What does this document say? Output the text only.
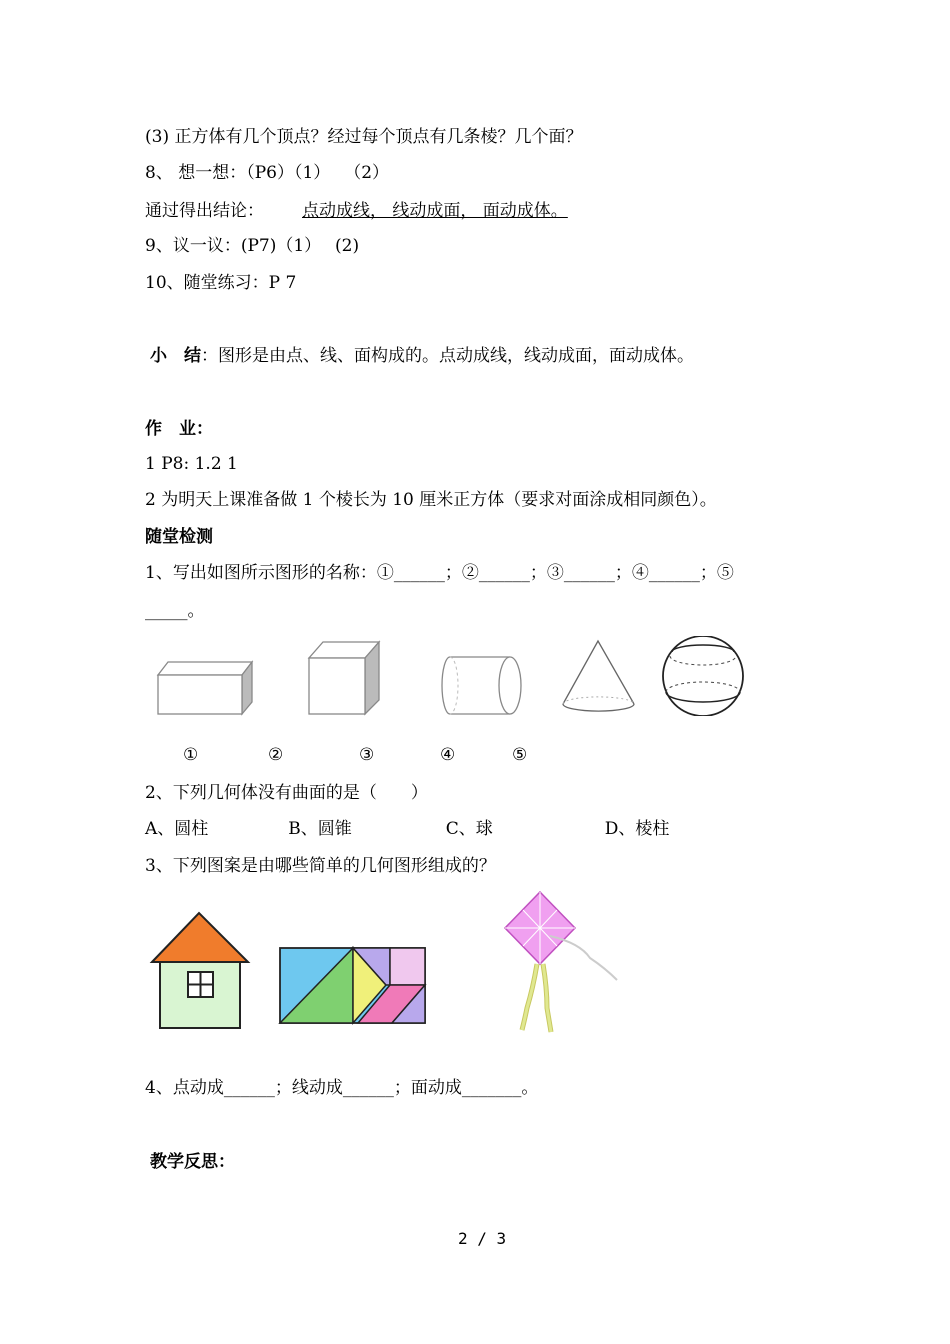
(3) 正方体有几个顶点？经过每个顶点有几条棱？几个面？
8、 想一想：（P6）（1）　 （2）
通过得出结论： 点动成线， 线动成面， 面动成体。
9、议一议：(P7)（1）　 (2)
10、随堂练习：P 7
小　结：图形是由点、线、面构成的。点动成线，线动成面，面动成体。
作　业：
1 P8: 1.2 1
2 为明天上课准备做 1 个棱长为 10 厘米正方体（要求对面涂成相同颜色）。
随堂检测
1、写出如图所示图形的名称：①______；②______；③______；④______；⑤
_____。
①	②	③	④	⑤
2、下列几何体没有曲面的是（　　）
A、圆柱	B、圆锥	C、球	D、棱柱
3、下列图案是由哪些简单的几何图形组成的？
4、点动成______；线动成______；面动成_______。
教学反思：
2 / 3
